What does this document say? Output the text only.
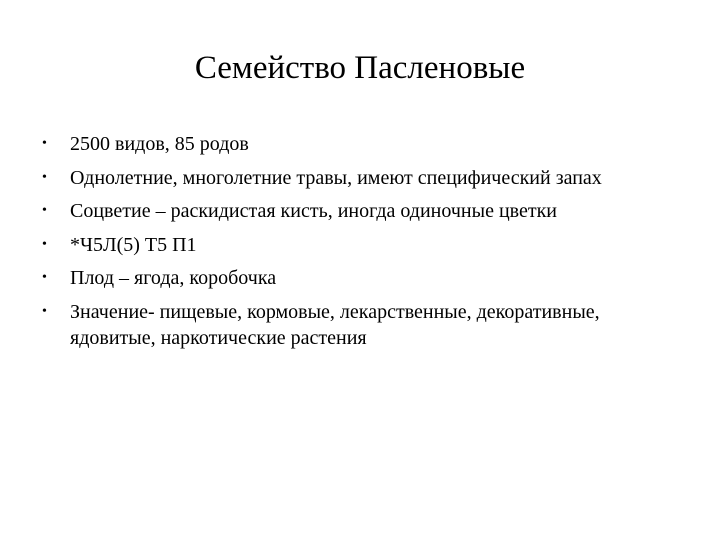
Семейство Пасленовые
• 2500 видов, 85 родов
• Однолетние, многолетние травы, имеют специфический запах
• Соцветие – раскидистая кисть, иногда одиночные цветки
• *Ч5Л(5) Т5 П1
• Плод – ягода, коробочка
• Значение- пищевые, кормовые, лекарственные, декоративные, ядовитые, наркотические растения
